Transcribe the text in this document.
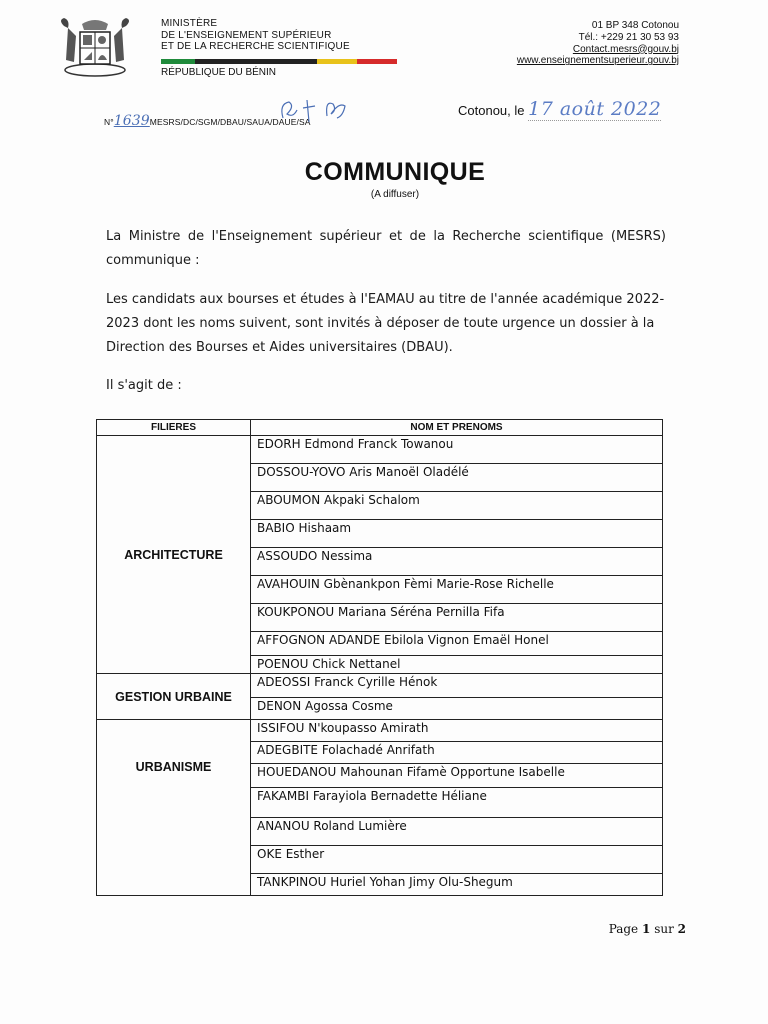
MINISTÈRE
DE L'ENSEIGNEMENT SUPÉRIEUR
ET DE LA RECHERCHE SCIENTIFIQUE
RÉPUBLIQUE DU BÉNIN
01 BP 348 Cotonou
Tél.: +229 21 30 53 93
Contact.mesrs@gouv.bj
www.enseignementsuperieur.gouv.bj
N°1639MESRS/DC/SGM/DBAU/SAUA/DAUE/SA
Cotonou, le 17 août 2022
COMMUNIQUE
(A diffuser)
La Ministre de l'Enseignement supérieur et de la Recherche scientifique (MESRS) communique :
Les candidats aux bourses et études à l'EAMAU au titre de l'année académique 2022-2023 dont les noms suivent, sont invités à déposer de toute urgence un dossier à la Direction des Bourses et Aides universitaires (DBAU).
Il s'agit de :
FILIERES	NOM ET PRENOMS
ARCHITECTURE	EDORH Edmond Franck Towanou
	DOSSOU-YOVO Aris Manoël Oladélé
	ABOUMON Akpaki Schalom
	BABIO Hishaam
	ASSOUDO Nessima
	AVAHOUIN Gbènankpon Fèmi Marie-Rose Richelle
	KOUKPONOU Mariana Séréna Pernilla Fifa
	AFFOGNON ADANDE Ebilola Vignon Emaël Honel
	POENOU Chick Nettanel
GESTION URBAINE	ADEOSSI Franck Cyrille Hénok
	DENON Agossa Cosme
URBANISME	ISSIFOU N'koupasso Amirath
	ADEGBITE Folachadé Anrifath
	HOUEDANOU Mahounan Fifamè Opportune Isabelle
	FAKAMBI Farayiola Bernadette Héliane
	ANANOU Roland Lumière
	OKE Esther
	TANKPINOU Huriel Yohan Jimy Olu-Shegum
Page 1 sur 2
